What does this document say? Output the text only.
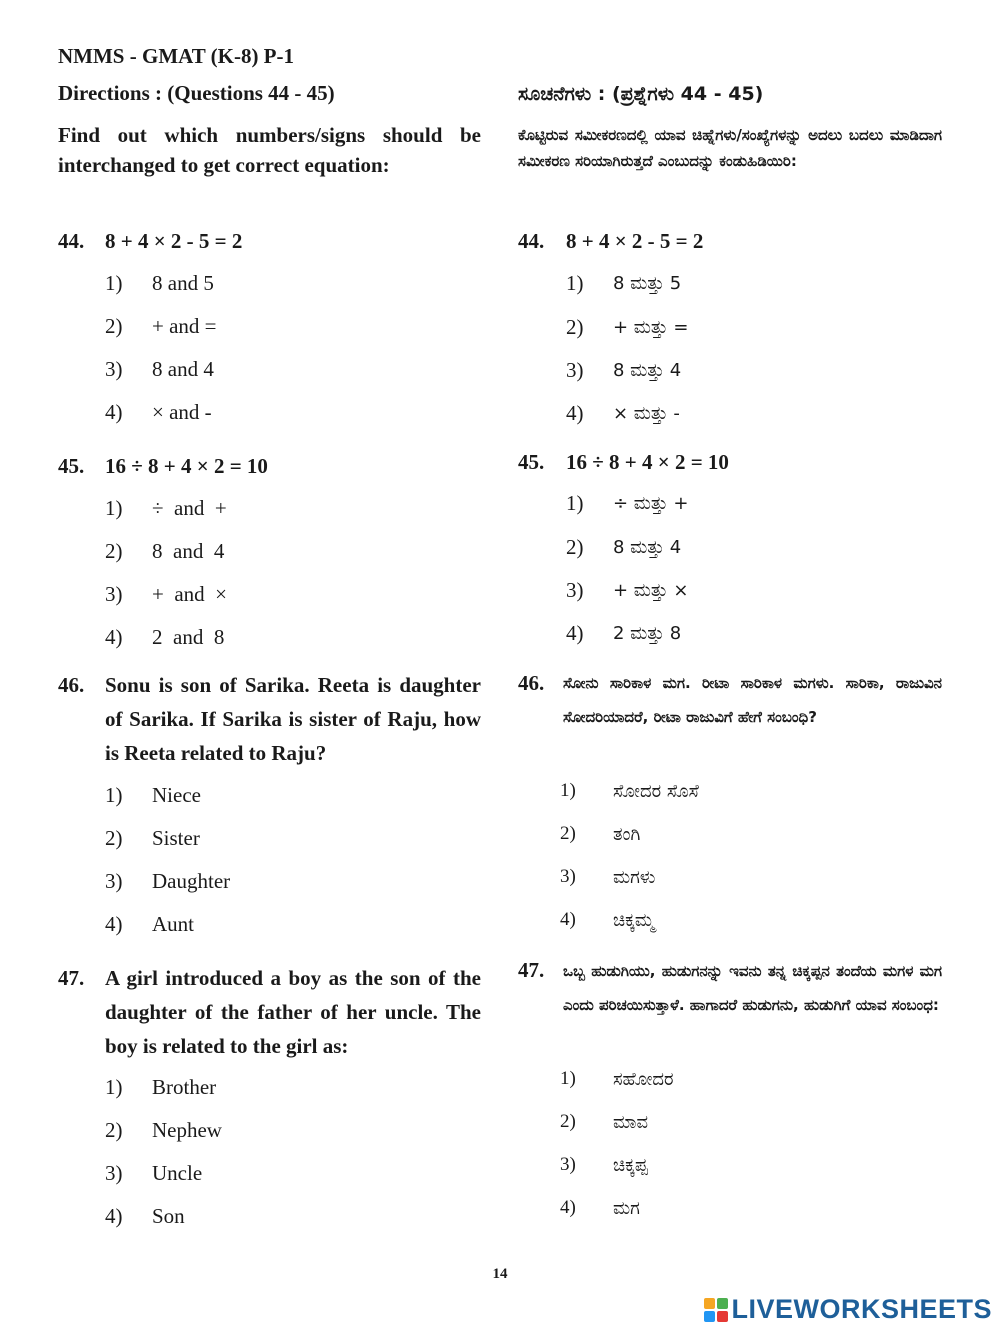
NMMS - GMAT (K-8) P-1
Directions : (Questions 44 - 45)	ಸೂಚನೆಗಳು : (ಪ್ರಶ್ನೆಗಳು 44 - 45)
Find out which numbers/signs should be interchanged to get correct equation:
ಕೊಟ್ಟಿರುವ ಸಮೀಕರಣದಲ್ಲಿ ಯಾವ ಚಿಹ್ನೆಗಳು/ಸಂಖ್ಯೆಗಳನ್ನು ಅದಲು ಬದಲು ಮಾಡಿದಾಗ ಸಮೀಕರಣ ಸರಿಯಾಗಿರುತ್ತದೆ ಎಂಬುದನ್ನು ಕಂಡುಹಿಡಿಯಿರಿ:
44. 8 + 4 × 2 - 5 = 2	44. 8 + 4 × 2 - 5 = 2
1) 8 and 5
2) + and =
3) 8 and 4
4) × and -
1) 8 ಮತ್ತು 5
2) + ಮತ್ತು =
3) 8 ಮತ್ತು 4
4) × ಮತ್ತು -
45. 16 ÷ 8 + 4 × 2 = 10	45. 16 ÷ 8 + 4 × 2 = 10
1) ÷  and  +
2) 8  and  4
3) +  and  ×
4) 2  and  8
1) ÷ ಮತ್ತು +
2) 8 ಮತ್ತು 4
3) + ಮತ್ತು ×
4) 2 ಮತ್ತು 8
46. Sonu is son of Sarika. Reeta is daughter of Sarika. If Sarika is sister of Raju, how is Reeta related to Raju?
46. ಸೋನು ಸಾರಿಕಾಳ ಮಗ. ರೀಟಾ ಸಾರಿಕಾಳ ಮಗಳು. ಸಾರಿಕಾ, ರಾಜುವಿನ ಸೋದರಿಯಾದರೆ, ರೀಟಾ ರಾಜುವಿಗೆ ಹೇಗೆ ಸಂಬಂಧಿ?
1) Niece
2) Sister
3) Daughter
4) Aunt
1) ಸೋದರ ಸೊಸೆ
2) ತಂಗಿ
3) ಮಗಳು
4) ಚಿಕ್ಕಮ್ಮ
47. A girl introduced a boy as the son of the daughter of the father of her uncle. The boy is related to the girl as:
47. ಒಬ್ಬ ಹುಡುಗಿಯು, ಹುಡುಗನನ್ನು ಇವನು ತನ್ನ ಚಿಕ್ಕಪ್ಪನ ತಂದೆಯ ಮಗಳ ಮಗ ಎಂದು ಪರಿಚಯಿಸುತ್ತಾಳೆ. ಹಾಗಾದರೆ ಹುಡುಗನು, ಹುಡುಗಿಗೆ ಯಾವ ಸಂಬಂಧ:
1) Brother
2) Nephew
3) Uncle
4) Son
1) ಸಹೋದರ
2) ಮಾವ
3) ಚಿಕ್ಕಪ್ಪ
4) ಮಗ
14
LIVEWORKSHEETS
